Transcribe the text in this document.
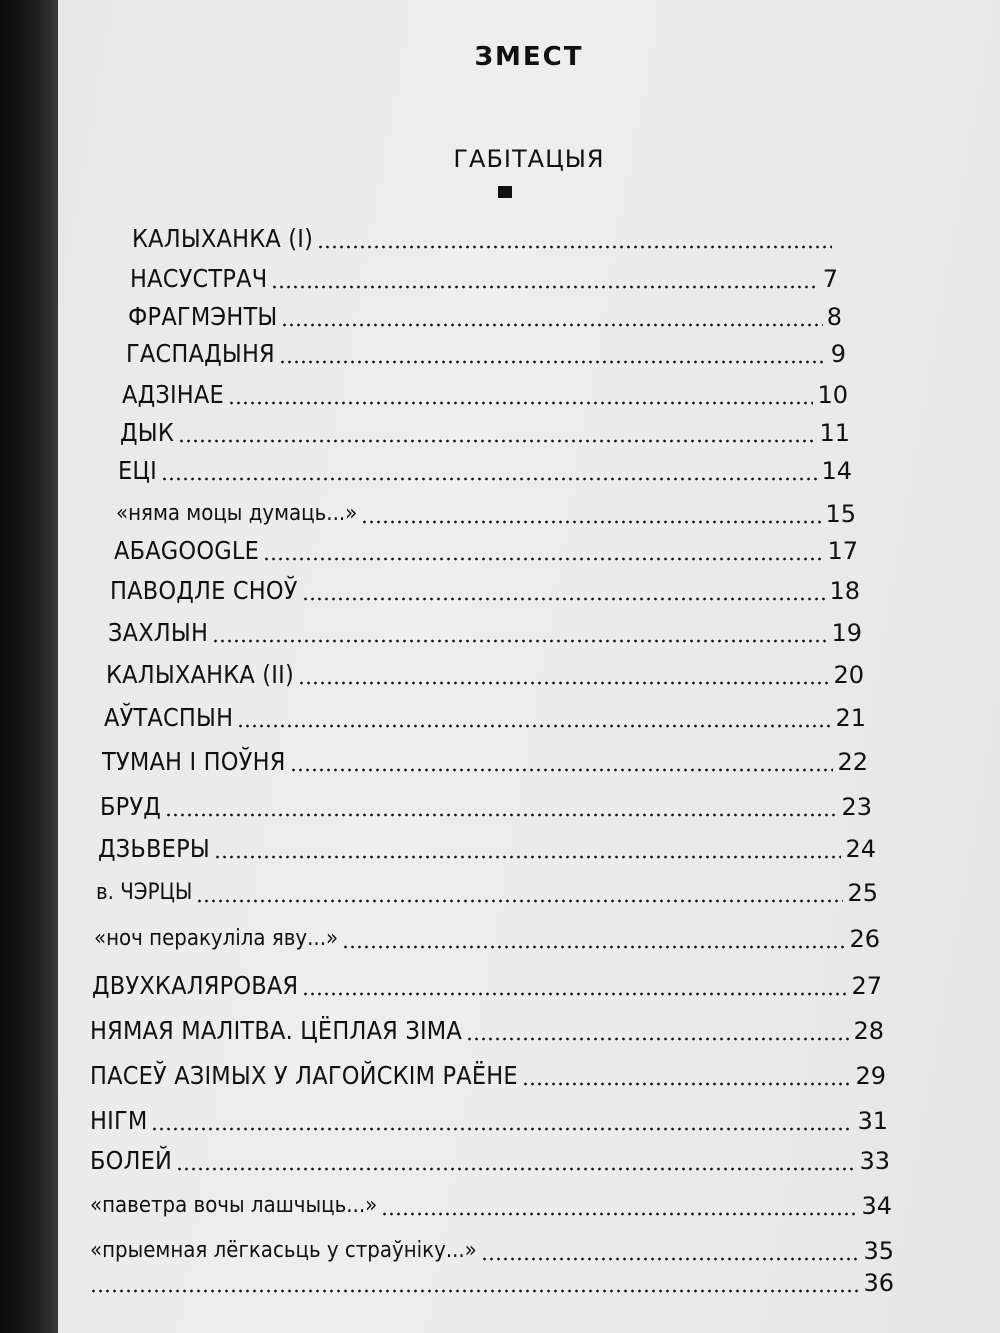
ЗМЕСТ
ГАБІТАЦЫЯ
КАЛЫХАНКА (І)
НАСУСТРАЧ	7
ФРАГМЭНТЫ	8
ГАСПАДЫНЯ	9
АДЗІНАЕ	10
ДЫК	11
ЕЦІ	14
«няма моцы думаць...»	15
АБАGOOGLE	17
ПАВОДЛЕ СНОЎ	18
ЗАХЛЫН	19
КАЛЫХАНКА (ІІ)	20
АЎТАСПЫН	21
ТУМАН І ПОЎНЯ	22
БРУД	23
ДЗЬВЕРЫ	24
в. ЧЭРЦЫ	25
«ноч перакуліла яву...»	26
ДВУХКАЛЯРОВАЯ	27
НЯМАЯ МАЛІТВА. ЦЁПЛАЯ ЗІМА	28
ПАСЕЎ АЗІМЫХ У ЛАГОЙСКІМ РАЁНЕ	29
НІГМ	31
БОЛЕЙ	33
«паветра вочы лашчыць...»	34
«прыемная лёгкасьць у страўніку...»	35
36
